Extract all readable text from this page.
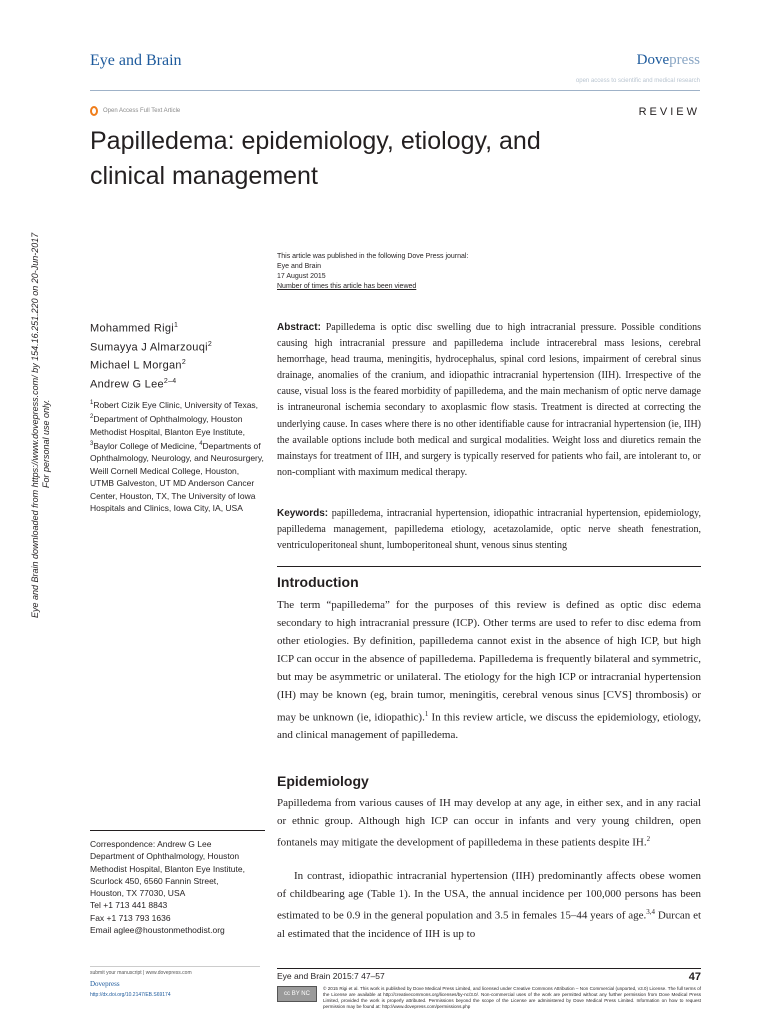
Eye and Brain	Dovepress
open access to scientific and medical research
Open Access Full Text Article	REVIEW
Papilledema: epidemiology, etiology, and
clinical management
Eye and Brain downloaded from https://www.dovepress.com/ by 154.16.251.220 on 20-Jun-2017 For personal use only.
This article was published in the following Dove Press journal:
Eye and Brain
17 August 2015
Number of times this article has been viewed
Mohammed Rigi$^1$
Sumayya J Almarzouqi$^2$
Michael L Morgan$^2$
Andrew G Lee$^{2-4}$
$^1$Robert Cizik Eye Clinic, University of Texas, $^2$Department of Ophthalmology, Houston Methodist Hospital, Blanton Eye Institute, $^3$Baylor College of Medicine, $^4$Departments of Ophthalmology, Neurology, and Neurosurgery, Weill Cornell Medical College, Houston, UTMB Galveston, UT MD Anderson Cancer Center, Houston, TX, The University of Iowa Hospitals and Clinics, Iowa City, IA, USA
Abstract: Papilledema is optic disc swelling due to high intracranial pressure. Possible conditions causing high intracranial pressure and papilledema include intracerebral mass lesions, cerebral hemorrhage, head trauma, meningitis, hydrocephalus, spinal cord lesions, impairment of cerebral sinus drainage, anomalies of the cranium, and idiopathic intracranial hypertension (IIH). Irrespective of the cause, visual loss is the feared morbidity of papilledema, and the main mechanism of optic nerve damage is intraneuronal ischemia secondary to axoplasmic flow stasis. Treatment is directed at correcting the underlying cause. In cases where there is no other identifiable cause for intracranial hypertension (ie, IIH) the available options include both medical and surgical modalities. Weight loss and diuretics remain the mainstays for treatment of IIH, and surgery is typically reserved for patients who fail, are intolerant to, or non-compliant with maximum medical therapy.
Keywords: papilledema, intracranial hypertension, idiopathic intracranial hypertension, epidemiology, papilledema management, papilledema etiology, acetazolamide, optic nerve sheath fenestration, ventriculoperitoneal shunt, lumboperitoneal shunt, venous sinus stenting
Introduction
The term “papilledema” for the purposes of this review is defined as optic disc edema secondary to high intracranial pressure (ICP). Other terms are used to refer to disc edema from other etiologies. By definition, papilledema cannot exist in the absence of high ICP, but high ICP can occur in the absence of papilledema. Papilledema is frequently bilateral and symmetric, but may be asymmetric or unilateral. The etiology for the high ICP or intracranial hypertension (IH) may be known (eg, brain tumor, meningitis, cerebral venous sinus [CVS] thrombosis) or may be unknown (ie, idiopathic).$^1$ In this review article, we discuss the epidemiology, etiology, and clinical management of papilledema.
Epidemiology
Papilledema from various causes of IH may develop at any age, in either sex, and in any racial or ethnic group. Although high ICP can occur in infants and very young children, open fontanels may mitigate the development of papilledema in these patients despite IH.$^2$
In contrast, idiopathic intracranial hypertension (IIH) predominantly affects obese women of childbearing age (Table 1). In the USA, the annual incidence per 100,000 persons has been estimated to be 0.9 in the general population and 3.5 in females 15–44 years of age.$^{3,4}$ Durcan et al estimated that the incidence of IIH is up to
Correspondence: Andrew G Lee
Department of Ophthalmology, Houston
Methodist Hospital, Blanton Eye Institute,
Scurlock 450, 6560 Fannin Street,
Houston, TX 77030, USA
Tel +1 713 441 8843
Fax +1 713 793 1636
Email aglee@houstonmethodist.org
submit your manuscript | www.dovepress.com
Dovepress
http://dx.doi.org/10.2147/EB.S69174
Eye and Brain 2015:7 47–57	47
cc BY NC
© 2015 Rigi et al. This work is published by Dove Medical Press Limited, and licensed under Creative Commons Attribution – Non Commercial (unported, v3.0) License. The full terms of the License are available at http://creativecommons.org/licenses/by-nc/3.0/. Non-commercial uses of the work are permitted without any further permission from Dove Medical Press Limited, provided the work is properly attributed. Permissions beyond the scope of the License are administered by Dove Medical Press Limited. Information on how to request permission may be found at: http://www.dovepress.com/permissions.php
